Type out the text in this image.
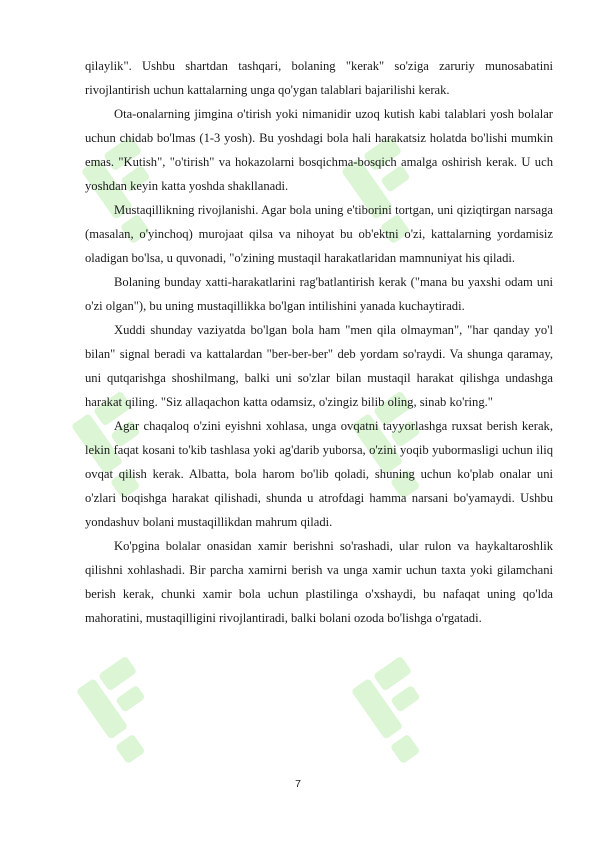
qilaylik". Ushbu shartdan tashqari, bolaning "kerak" so'ziga zaruriy munosabatini rivojlantirish uchun kattalarning unga qo'ygan talablari bajarilishi kerak.

Ota-onalarning jimgina o'tirish yoki nimanidir uzoq kutish kabi talablari yosh bolalar uchun chidab bo'lmas (1-3 yosh). Bu yoshdagi bola hali harakatsiz holatda bo'lishi mumkin emas. "Kutish", "o'tirish" va hokazolarni bosqichma-bosqich amalga oshirish kerak. U uch yoshdan keyin katta yoshda shakllanadi.

Mustaqillikning rivojlanishi. Agar bola uning e'tiborini tortgan, uni qiziqtirgan narsaga (masalan, o'yinchoq) murojaat qilsa va nihoyat bu ob'ektni o'zi, kattalarning yordamisiz oladigan bo'lsa, u quvonadi, "o'zining mustaqil harakatlaridan mamnuniyat his qiladi.

Bolaning bunday xatti-harakatlarini rag'batlantirish kerak ("mana bu yaxshi odam uni o'zi olgan"), bu uning mustaqillikka bo'lgan intilishini yanada kuchaytiradi.

Xuddi shunday vaziyatda bo'lgan bola ham "men qila olmayman", "har qanday yo'l bilan" signal beradi va kattalardan "ber-ber-ber" deb yordam so'raydi. Va shunga qaramay, uni qutqarishga shoshilmang, balki uni so'zlar bilan mustaqil harakat qilishga undashga harakat qiling. "Siz allaqachon katta odamsiz, o'zingiz bilib oling, sinab ko'ring."

Agar chaqaloq o'zini eyishni xohlasa, unga ovqatni tayyorlashga ruxsat berish kerak, lekin faqat kosani to'kib tashlasa yoki ag'darib yuborsa, o'zini yoqib yubormasligi uchun iliq ovqat qilish kerak. Albatta, bola harom bo'lib qoladi, shuning uchun ko'plab onalar uni o'zlari boqishga harakat qilishadi, shunda u atrofdagi hamma narsani bo'yamaydi. Ushbu yondashuv bolani mustaqillikdan mahrum qiladi.

Ko'pgina bolalar onasidan xamir berishni so'rashadi, ular rulon va haykaltaroshlik qilishni xohlashadi. Bir parcha xamirni berish va unga xamir uchun taxta yoki gilamchani berish kerak, chunki xamir bola uchun plastilinga o'xshaydi, bu nafaqat uning qo'lda mahoratini, mustaqilligini rivojlantiradi, balki bolani ozoda bo'lishga o'rgatadi.

7
